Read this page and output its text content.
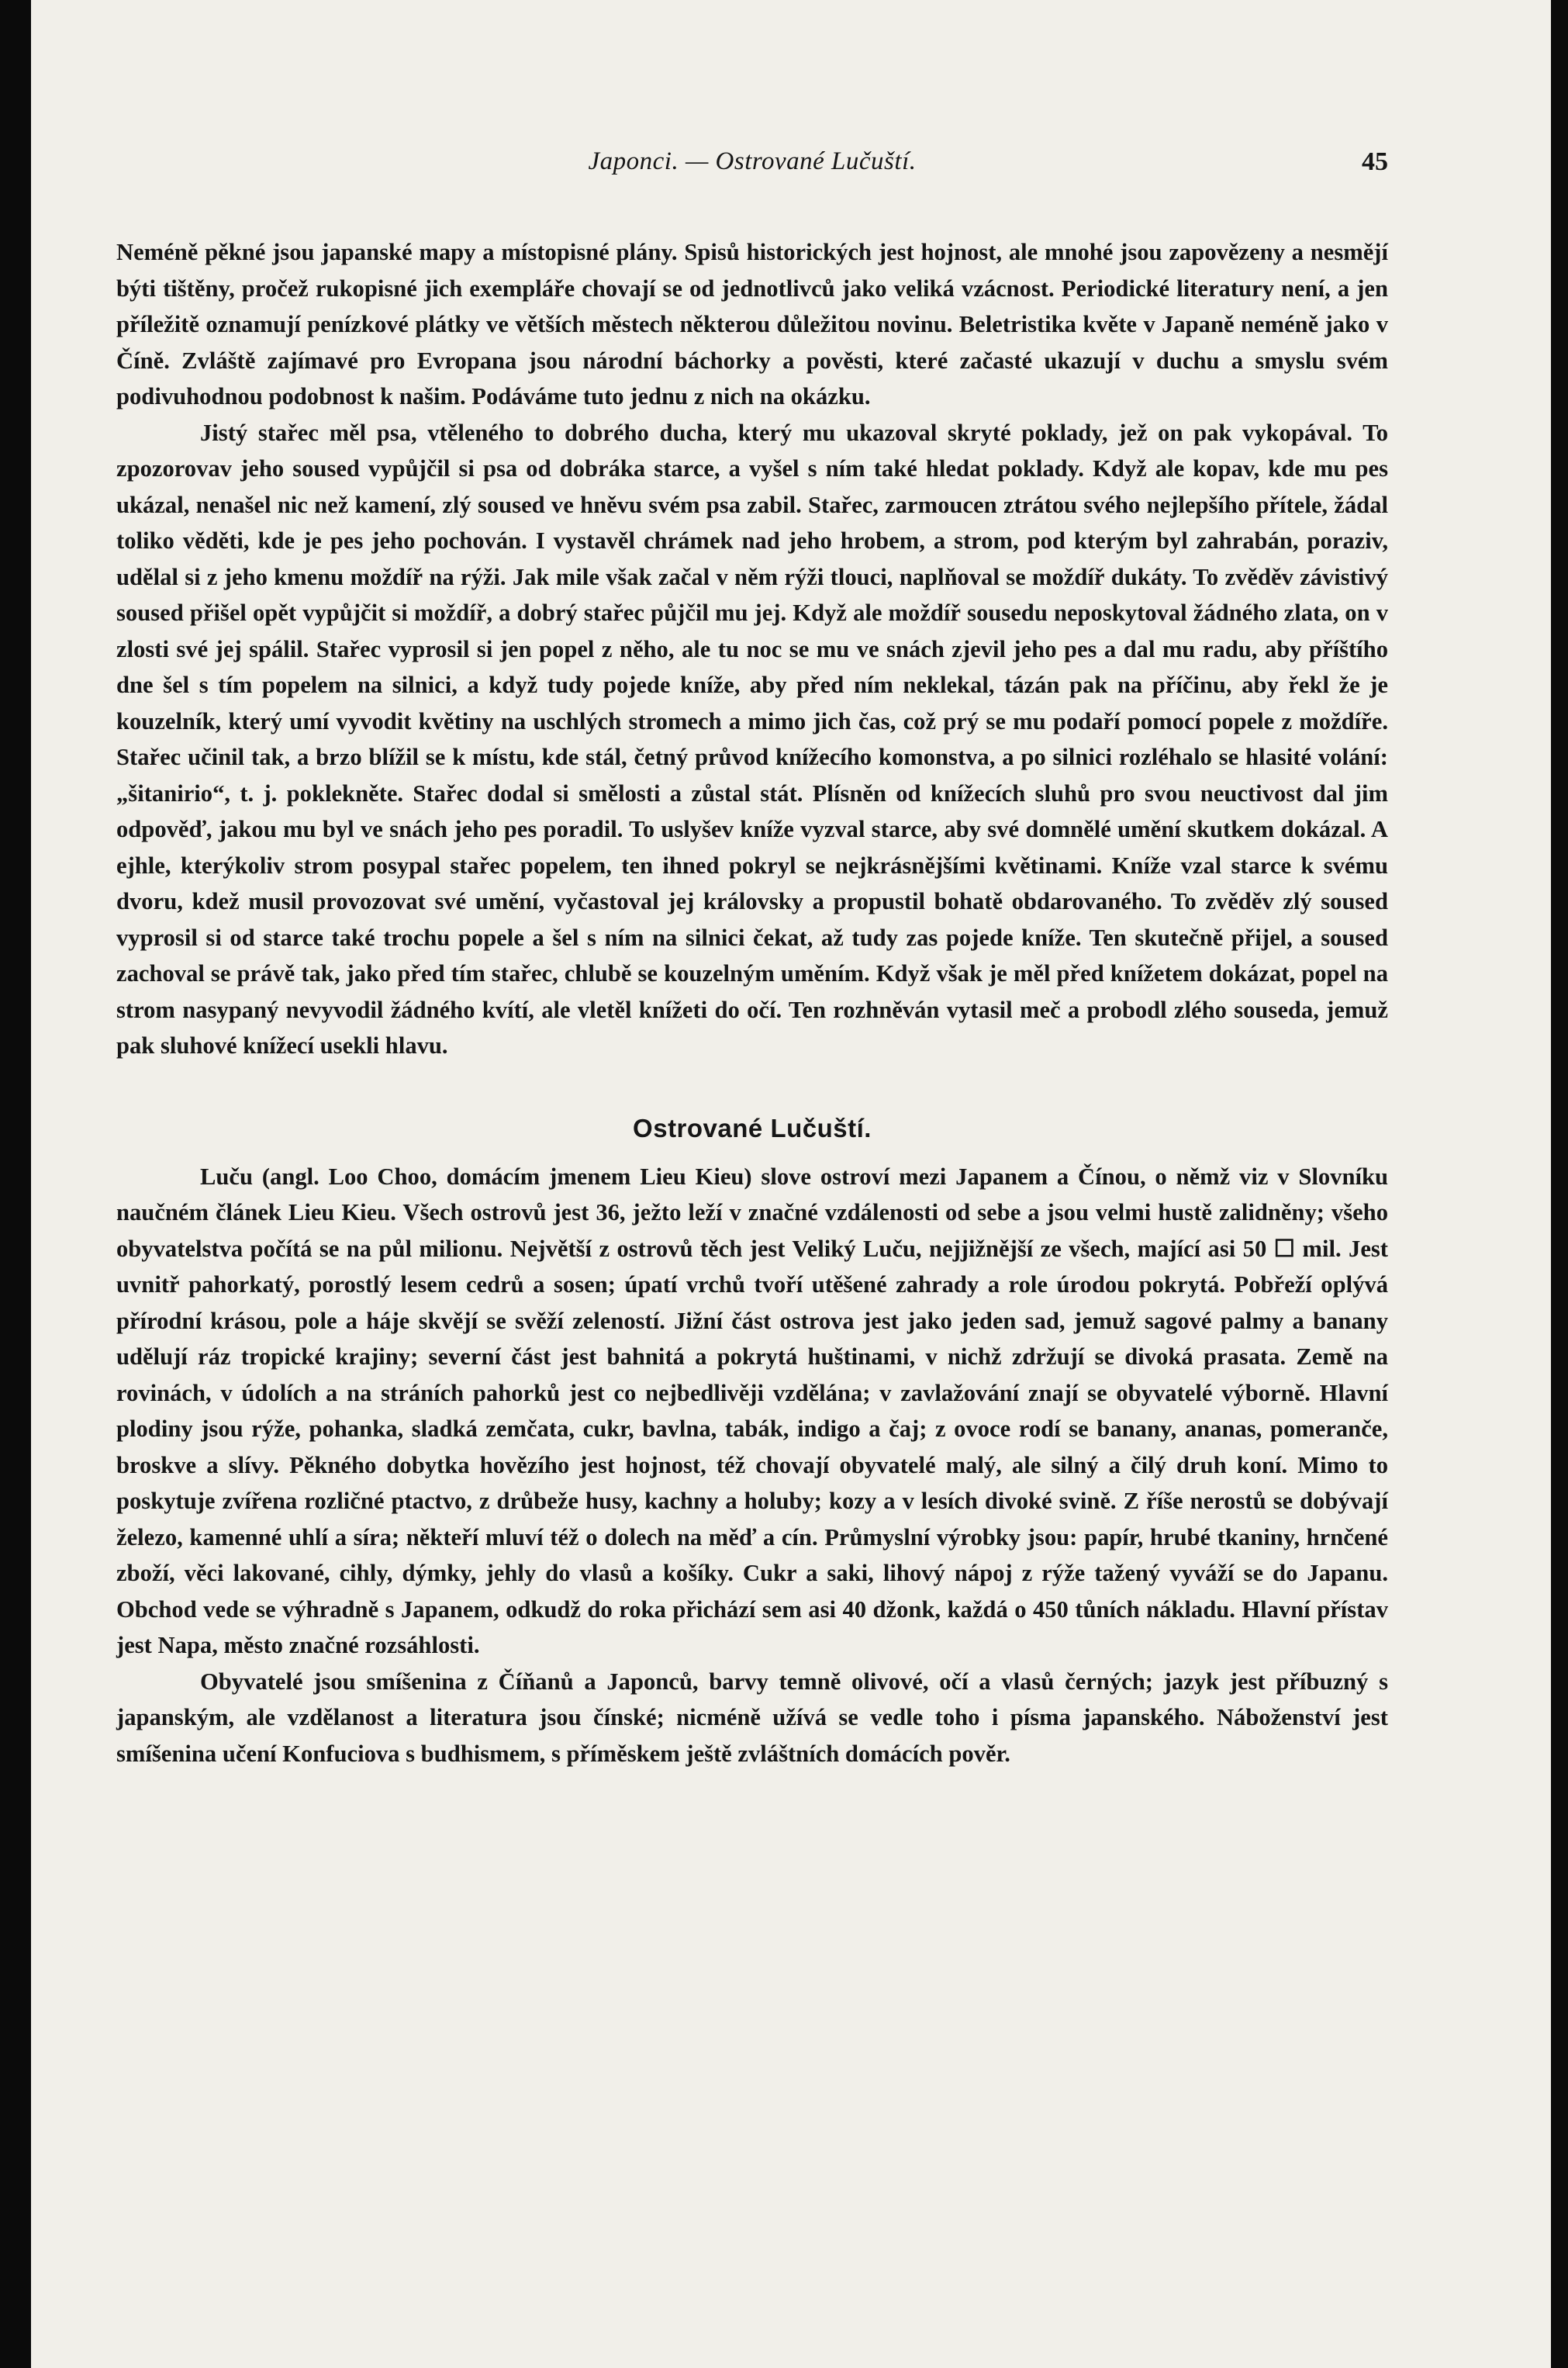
Japonci. — Ostrované Lučuští.	45

Neméně pěkné jsou japanské mapy a místopisné plány. Spisů historických jest hojnost, ale mnohé jsou zapovězeny a nesmějí býti tištěny, pročež rukopisné jich exempláře chovají se od jednotlivců jako veliká vzácnost. Periodické literatury není, a jen příležitě oznamují penízkové plátky ve větších městech některou důležitou novinu. Beletristika květe v Japaně neméně jako v Číně. Zvláště zajímavé pro Evropana jsou národní báchorky a pověsti, které začasté ukazují v duchu a smyslu svém podivuhodnou podobnost k našim. Podáváme tuto jednu z nich na okázku.

Jistý stařec měl psa, vtěleného to dobrého ducha, který mu ukazoval skryté poklady, jež on pak vykopával. To zpozorovav jeho soused vypůjčil si psa od dobráka starce, a vyšel s ním také hledat poklady. Když ale kopav, kde mu pes ukázal, nenašel nic než kamení, zlý soused ve hněvu svém psa zabil. Stařec, zarmoucen ztrátou svého nejlepšího přítele, žádal toliko věděti, kde je pes jeho pochován. I vystavěl chrámek nad jeho hrobem, a strom, pod kterým byl zahrabán, poraziv, udělal si z jeho kmenu moždíř na rýži. Jak mile však začal v něm rýži tlouci, naplňoval se moždíř dukáty. To zvěděv závistivý soused přišel opět vypůjčit si moždíř, a dobrý stařec půjčil mu jej. Když ale moždíř sousedu neposkytoval žádného zlata, on v zlosti své jej spálil. Stařec vyprosil si jen popel z něho, ale tu noc se mu ve snách zjevil jeho pes a dal mu radu, aby příštího dne šel s tím popelem na silnici, a když tudy pojede kníže, aby před ním neklekal, tázán pak na příčinu, aby řekl že je kouzelník, který umí vyvodit květiny na uschlých stromech a mimo jich čas, což prý se mu podaří pomocí popele z moždíře. Stařec učinil tak, a brzo blížil se k místu, kde stál, četný průvod knížecího komonstva, a po silnici rozléhalo se hlasité volání: „šitanirio“, t. j. poklekněte. Stařec dodal si smělosti a zůstal stát. Plísněn od knížecích sluhů pro svou neuctivost dal jim odpověď, jakou mu byl ve snách jeho pes poradil. To uslyšev kníže vyzval starce, aby své domnělé umění skutkem dokázal. A ejhle, kterýkoliv strom posypal stařec popelem, ten ihned pokryl se nejkrásnějšími květinami. Kníže vzal starce k svému dvoru, kdež musil provozovat své umění, vyčastoval jej královsky a propustil bohatě obdarovaného. To zvěděv zlý soused vyprosil si od starce také trochu popele a šel s ním na silnici čekat, až tudy zas pojede kníže. Ten skutečně přijel, a soused zachoval se právě tak, jako před tím stařec, chlubě se kouzelným uměním. Když však je měl před knížetem dokázat, popel na strom nasypaný nevyvodil žádného kvítí, ale vletěl knížeti do očí. Ten rozhněván vytasil meč a probodl zlého souseda, jemuž pak sluhové knížecí usekli hlavu.

Ostrované Lučuští.

Luču (angl. Loo Choo, domácím jmenem Lieu Kieu) slove ostroví mezi Japanem a Čínou, o němž viz v Slovníku naučném článek Lieu Kieu. Všech ostrovů jest 36, ježto leží v značné vzdálenosti od sebe a jsou velmi hustě zalidněny; všeho obyvatelstva počítá se na půl milionu. Největší z ostrovů těch jest Veliký Luču, nejjižnější ze všech, mající asi 50 ☐ mil. Jest uvnitř pahorkatý, porostlý lesem cedrů a sosen; úpatí vrchů tvoří utěšené zahrady a role úrodou pokrytá. Pobřeží oplývá přírodní krásou, pole a háje skvějí se svěží zeleností. Jižní část ostrova jest jako jeden sad, jemuž sagové palmy a banany udělují ráz tropické krajiny; severní část jest bahnitá a pokrytá huštinami, v nichž zdržují se divoká prasata. Země na rovinách, v údolích a na stráních pahorků jest co nejbedlivěji vzdělána; v zavlažování znají se obyvatelé výborně. Hlavní plodiny jsou rýže, pohanka, sladká zemčata, cukr, bavlna, tabák, indigo a čaj; z ovoce rodí se banany, ananas, pomeranče, broskve a slívy. Pěkného dobytka hovězího jest hojnost, též chovají obyvatelé malý, ale silný a čilý druh koní. Mimo to poskytuje zvířena rozličné ptactvo, z drůbeže husy, kachny a holuby; kozy a v lesích divoké svině. Z říše nerostů se dobývají železo, kamenné uhlí a síra; někteří mluví též o dolech na měď a cín. Průmyslní výrobky jsou: papír, hrubé tkaniny, hrnčené zboží, věci lakované, cihly, dýmky, jehly do vlasů a košíky. Cukr a saki, lihový nápoj z rýže tažený vyváží se do Japanu. Obchod vede se výhradně s Japanem, odkudž do roka přichází sem asi 40 džonk, každá o 450 tůních nákladu. Hlavní přístav jest Napa, město značné rozsáhlosti.

Obyvatelé jsou smíšenina z Číňanů a Japonců, barvy temně olivové, očí a vlasů černých; jazyk jest příbuzný s japanským, ale vzdělanost a literatura jsou čínské; nicméně užívá se vedle toho i písma japanského. Náboženství jest smíšenina učení Konfuciova s budhismem, s příměskem ještě zvláštních domácích pověr.
